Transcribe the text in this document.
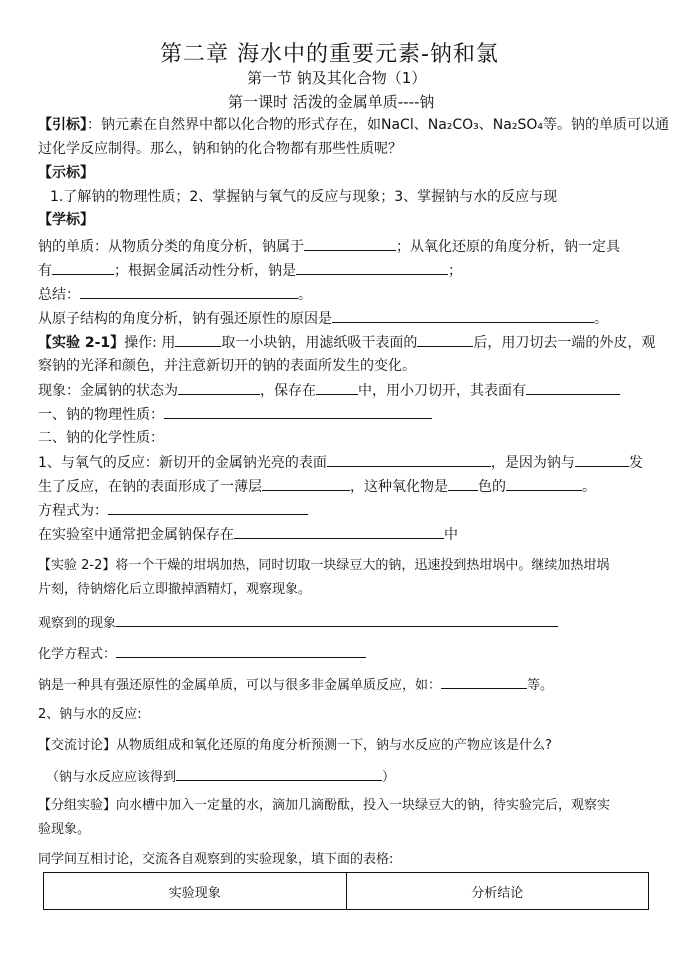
第二章 海水中的重要元素-钠和氯
第一节 钠及其化合物（1）
第一课时 活泼的金属单质----钠
【引标】：钠元素在自然界中都以化合物的形式存在，如NaCl、Na₂CO₃、Na₂SO₄等。钠的单质可以通
过化学反应制得。那么，钠和钠的化合物都有那些性质呢？
【示标】
1.了解钠的物理性质；2、掌握钠与氧气的反应与现象；3、掌握钠与水的反应与现
【学标】
钠的单质：从物质分类的角度分析，钠属于	；从氧化还原的角度分析，钠一定具
有	；根据金属活动性分析，钠是	；
总结：	。
从原子结构的角度分析，钠有强还原性的原因是	。
【实验 2-1】操作: 用	取一小块钠，用滤纸吸干表面的	后，用刀切去一端的外皮，观
察钠的光泽和颜色，并注意新切开的钠的表面所发生的变化。
现象：金属钠的状态为	，保存在	中，用小刀切开，其表面有
一、钠的物理性质：
二、钠的化学性质：
1、与氧气的反应：新切开的金属钠光亮的表面	，是因为钠与	发
生了反应，在钠的表面形成了一薄层	，这种氧化物是 色的	。
方程式为：
在实验室中通常把金属钠保存在	中
【实验 2-2】将一个干燥的坩埚加热，同时切取一块绿豆大的钠，迅速投到热坩埚中。继续加热坩埚
片刻，待钠熔化后立即撤掉酒精灯，观察现象。
观察到的现象
化学方程式：
钠是一种具有强还原性的金属单质，可以与很多非金属单质反应，如：	等。
2、钠与水的反应:
【交流讨论】从物质组成和氧化还原的角度分析预测一下，钠与水反应的产物应该是什么?
（钠与水反应应该得到	）
【分组实验】向水槽中加入一定量的水，滴加几滴酚酞，投入一块绿豆大的钠，待实验完后，观察实
验现象。
同学间互相讨论，交流各自观察到的实验现象，填下面的表格:
实验现象	分析结论
